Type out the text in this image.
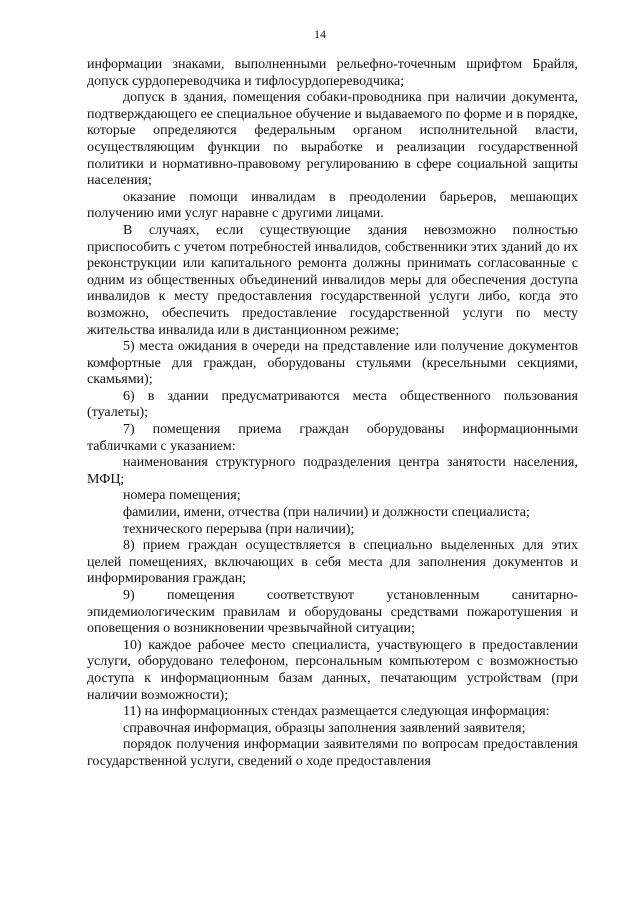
14

информации знаками, выполненными рельефно-точечным шрифтом Брайля, допуск сурдопереводчика и тифлосурдопереводчика;

допуск в здания, помещения собаки-проводника при наличии документа, подтверждающего ее специальное обучение и выдаваемого по форме и в порядке, которые определяются федеральным органом исполнительной власти, осуществляющим функции по выработке и реализации государственной политики и нормативно-правовому регулированию в сфере социальной защиты населения;

оказание помощи инвалидам в преодолении барьеров, мешающих получению ими услуг наравне с другими лицами.

В случаях, если существующие здания невозможно полностью приспособить с учетом потребностей инвалидов, собственники этих зданий до их реконструкции или капитального ремонта должны принимать согласованные с одним из общественных объединений инвалидов меры для обеспечения доступа инвалидов к месту предоставления государственной услуги либо, когда это возможно, обеспечить предоставление государственной услуги по месту жительства инвалида или в дистанционном режиме;

5) места ожидания в очереди на представление или получение документов комфортные для граждан, оборудованы стульями (кресельными секциями, скамьями);

6) в здании предусматриваются места общественного пользования (туалеты);

7) помещения приема граждан оборудованы информационными табличками с указанием:

наименования структурного подразделения центра занятости населения, МФЦ;

номера помещения;

фамилии, имени, отчества (при наличии) и должности специалиста;

технического перерыва (при наличии);

8) прием граждан осуществляется в специально выделенных для этих целей помещениях, включающих в себя места для заполнения документов и информирования граждан;

9) помещения соответствуют установленным санитарно-эпидемиологическим правилам и оборудованы средствами пожаротушения и оповещения о возникновении чрезвычайной ситуации;

10) каждое рабочее место специалиста, участвующего в предоставлении услуги, оборудовано телефоном, персональным компьютером с возможностью доступа к информационным базам данных, печатающим устройствам (при наличии возможности);

11) на информационных стендах размещается следующая информация:

справочная информация, образцы заполнения заявлений заявителя;

порядок получения информации заявителями по вопросам предоставления государственной услуги, сведений о ходе предоставления
